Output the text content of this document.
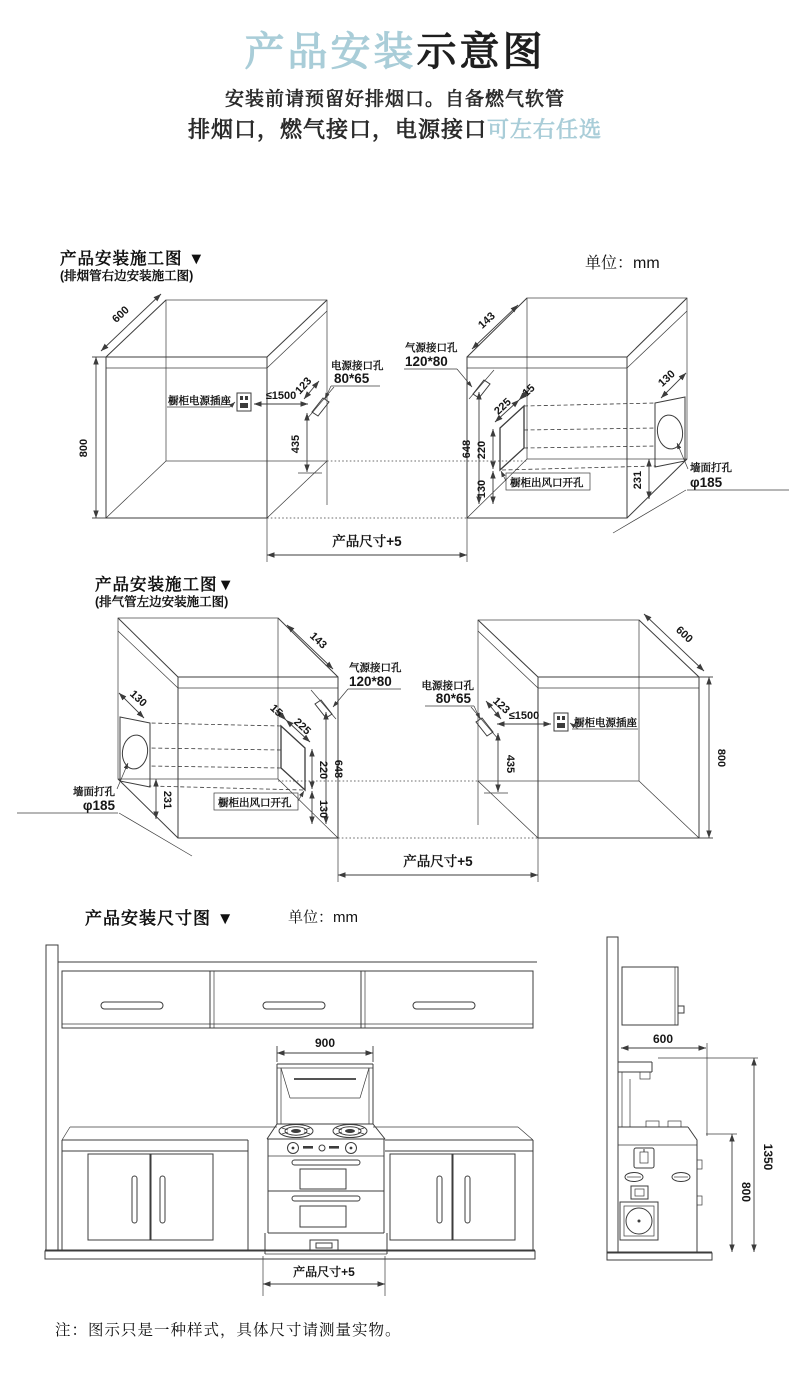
产品安装示意图
安装前请预留好排烟口。自备燃气软管
排烟口，燃气接口，电源接口可左右任选
产品安装施工图 ▼
(排烟管右边安装施工图)
单位：mm
800
600
橱柜电源插座	≤1500
123
电源接口孔
80*65
435
143
气源接口孔
120*80
648
225
15
220
130 橱柜出风口开孔
130
231
墙面打孔
φ185
产品尺寸+5
产品安装施工图▼
(排气管左边安装施工图)
143
气源接口孔
120*80
648
225
15
220
130
橱柜出风口开孔
130
231
墙面打孔
φ185
800
600
橱柜电源插座
≤1500
123
电源接口孔
80*65
435
产品尺寸+5
产品安装尺寸图 ▼	单位：mm
900
产品尺寸+5
600
1350
800
注：图示只是一种样式，具体尺寸请测量实物。
